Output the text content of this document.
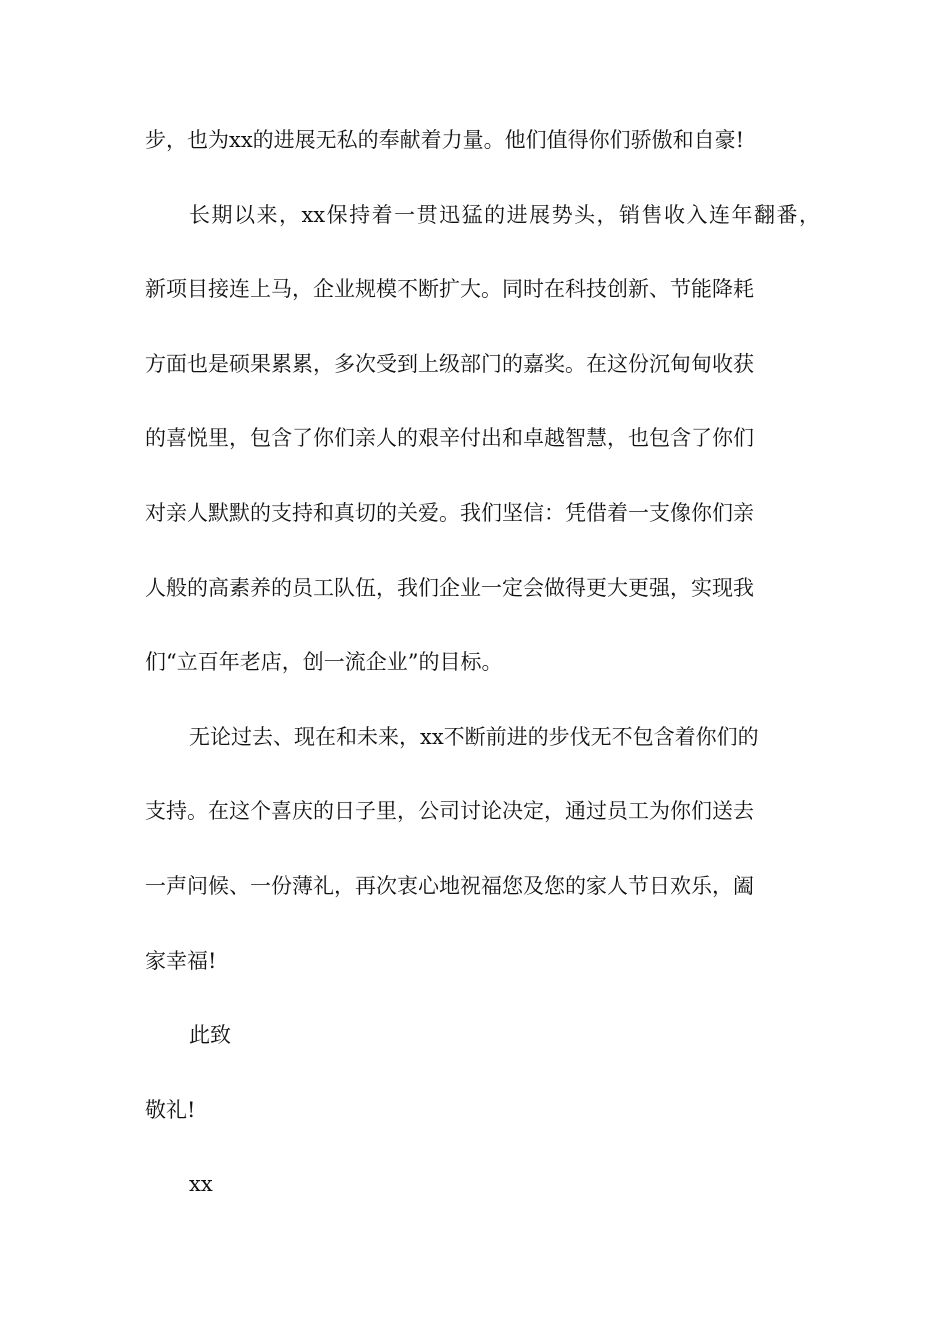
步，也为xx的进展无私的奉献着力量。他们值得你们骄傲和自豪!
长期以来，xx保持着一贯迅猛的进展势头，销售收入连年翻番，
新项目接连上马，企业规模不断扩大。同时在科技创新、节能降耗
方面也是硕果累累，多次受到上级部门的嘉奖。在这份沉甸甸收获
的喜悦里，包含了你们亲人的艰辛付出和卓越智慧，也包含了你们
对亲人默默的支持和真切的关爱。我们坚信：凭借着一支像你们亲
人般的高素养的员工队伍，我们企业一定会做得更大更强，实现我
们“立百年老店，创一流企业”的目标。
无论过去、现在和未来，xx不断前进的步伐无不包含着你们的
支持。在这个喜庆的日子里，公司讨论决定，通过员工为你们送去
一声问候、一份薄礼，再次衷心地祝福您及您的家人节日欢乐，阖
家幸福!
此致
敬礼!
xx
